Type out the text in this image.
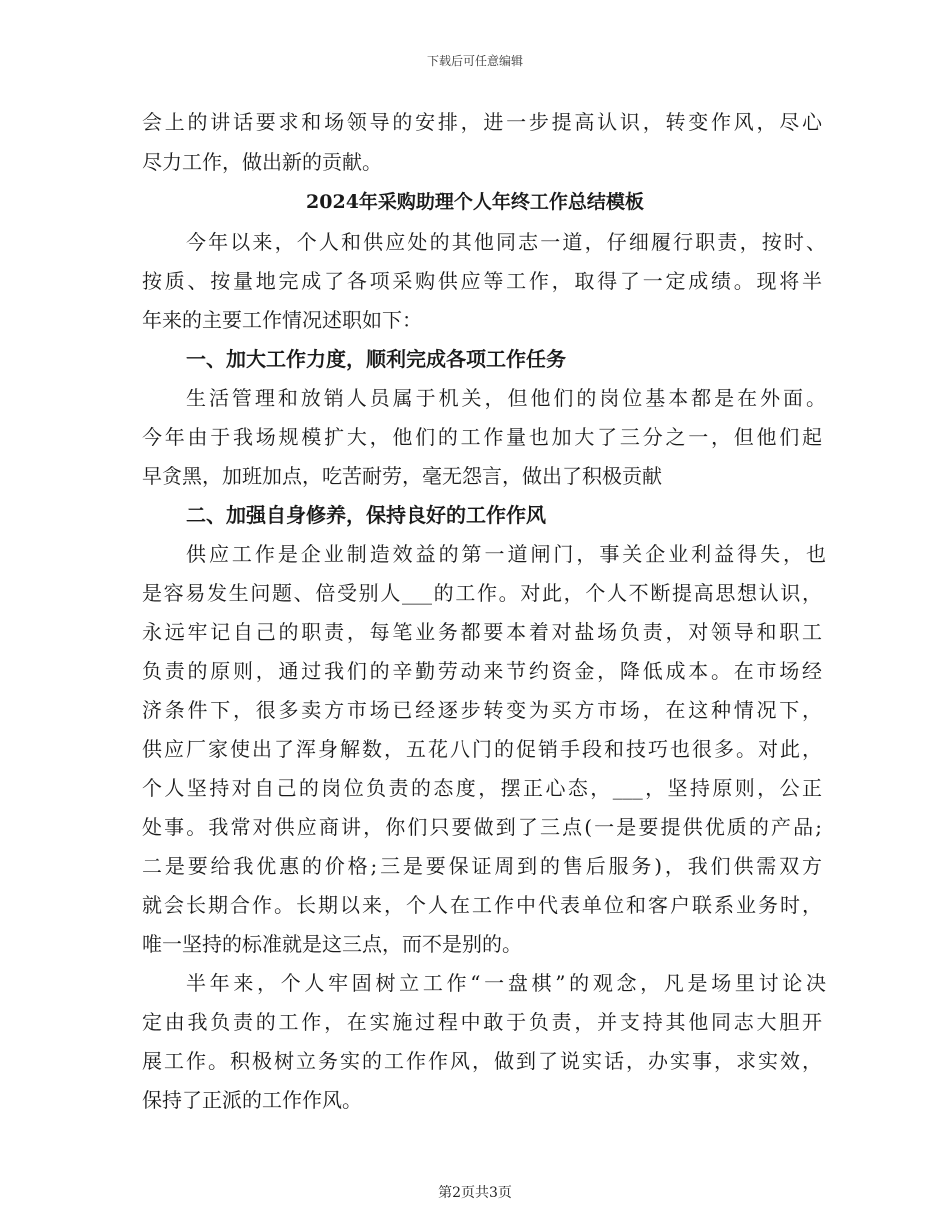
下载后可任意编辑

会上的讲话要求和场领导的安排，进一步提高认识，转变作风，尽心

尽力工作，做出新的贡献。

2024年采购助理个人年终工作总结模板

今年以来，个人和供应处的其他同志一道，仔细履行职责，按时、

按质、按量地完成了各项采购供应等工作，取得了一定成绩。现将半

年来的主要工作情况述职如下：

一、加大工作力度，顺利完成各项工作任务

生活管理和放销人员属于机关，但他们的岗位基本都是在外面。

今年由于我场规模扩大，他们的工作量也加大了三分之一，但他们起

早贪黑，加班加点，吃苦耐劳，毫无怨言，做出了积极贡献

二、加强自身修养，保持良好的工作作风

供应工作是企业制造效益的第一道闸门，事关企业利益得失，也

是容易发生问题、倍受别人___的工作。对此，个人不断提高思想认识，

永远牢记自己的职责，每笔业务都要本着对盐场负责，对领导和职工

负责的原则，通过我们的辛勤劳动来节约资金，降低成本。在市场经

济条件下，很多卖方市场已经逐步转变为买方市场，在这种情况下，

供应厂家使出了浑身解数，五花八门的促销手段和技巧也很多。对此，

个人坚持对自己的岗位负责的态度，摆正心态，___，坚持原则，公正

处事。我常对供应商讲，你们只要做到了三点(一是要提供优质的产品;

二是要给我优惠的价格;三是要保证周到的售后服务)，我们供需双方

就会长期合作。长期以来，个人在工作中代表单位和客户联系业务时，

唯一坚持的标准就是这三点，而不是别的。

半年来，个人牢固树立工作“一盘棋”的观念，凡是场里讨论决

定由我负责的工作，在实施过程中敢于负责，并支持其他同志大胆开

展工作。积极树立务实的工作作风，做到了说实话，办实事，求实效，

保持了正派的工作作风。

第2页共3页
